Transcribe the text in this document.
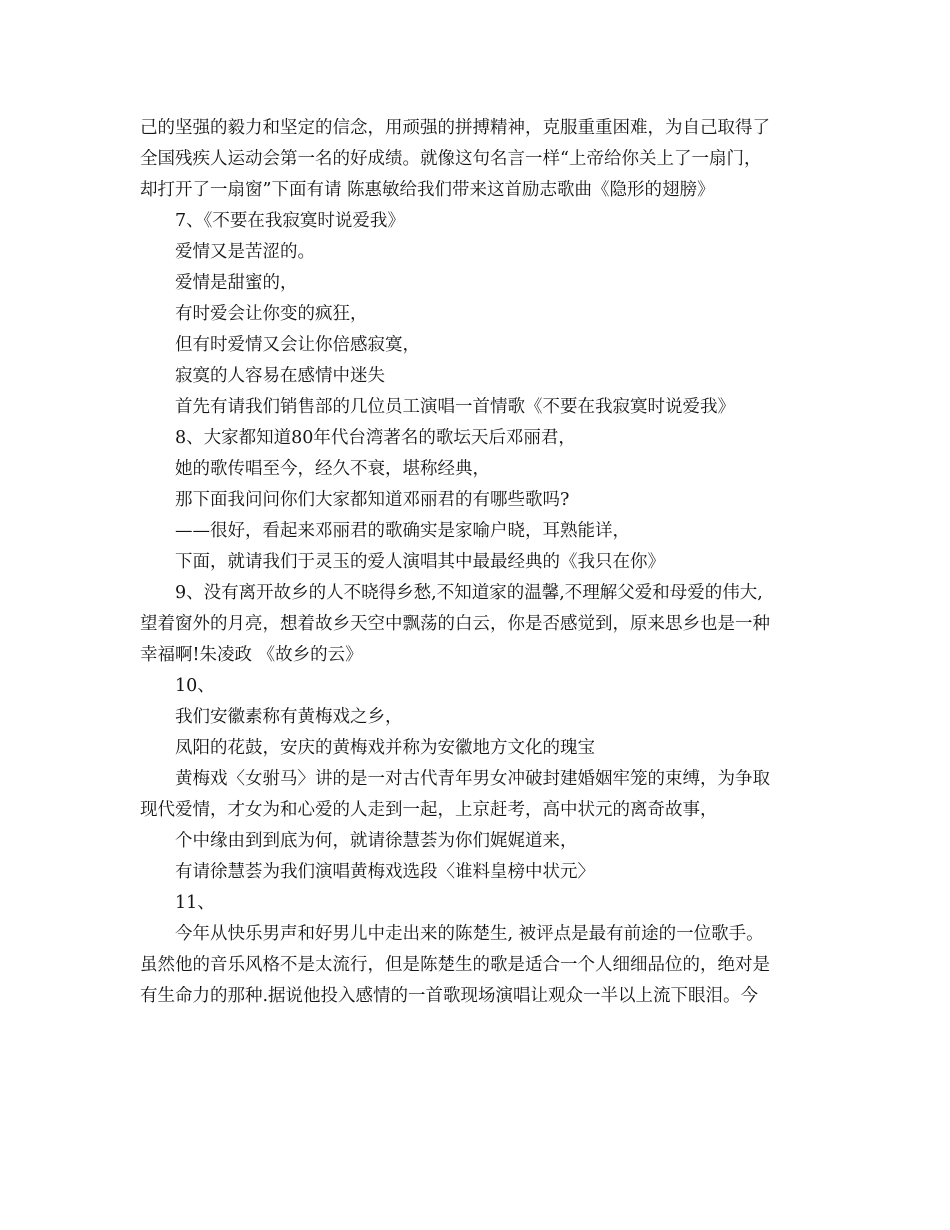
己的坚强的毅力和坚定的信念，用顽强的拼搏精神，克服重重困难，为自己取得了
全国残疾人运动会第一名的好成绩。就像这句名言一样“上帝给你关上了一扇门，
却打开了一扇窗”下面有请 陈惠敏给我们带来这首励志歌曲《隐形的翅膀》
7、《不要在我寂寞时说爱我》
爱情又是苦涩的。
爱情是甜蜜的，
有时爱会让你变的疯狂，
但有时爱情又会让你倍感寂寞，
寂寞的人容易在感情中迷失
首先有请我们销售部的几位员工演唱一首情歌《不要在我寂寞时说爱我》
8、大家都知道80年代台湾著名的歌坛天后邓丽君，
她的歌传唱至今，经久不衰，堪称经典，
那下面我问问你们大家都知道邓丽君的有哪些歌吗?
——很好，看起来邓丽君的歌确实是家喻户晓，耳熟能详，
下面，就请我们于灵玉的爱人演唱其中最最经典的《我只在你》
9、没有离开故乡的人不晓得乡愁,不知道家的温馨,不理解父爱和母爱的伟大,
望着窗外的月亮，想着故乡天空中飘荡的白云，你是否感觉到，原来思乡也是一种
幸福啊!朱凌政 《故乡的云》
10、
我们安徽素称有黄梅戏之乡，
凤阳的花鼓，安庆的黄梅戏并称为安徽地方文化的瑰宝
黄梅戏〈女驸马〉讲的是一对古代青年男女冲破封建婚姻牢笼的束缚，为争取
现代爱情，才女为和心爱的人走到一起，上京赶考，高中状元的离奇故事，
个中缘由到到底为何，就请徐慧荟为你们娓娓道来，
有请徐慧荟为我们演唱黄梅戏选段〈谁料皇榜中状元〉
11、
今年从快乐男声和好男儿中走出来的陈楚生, 被评点是最有前途的一位歌手。
虽然他的音乐风格不是太流行，但是陈楚生的歌是适合一个人细细品位的，绝对是
有生命力的那种.据说他投入感情的一首歌现场演唱让观众一半以上流下眼泪。今
